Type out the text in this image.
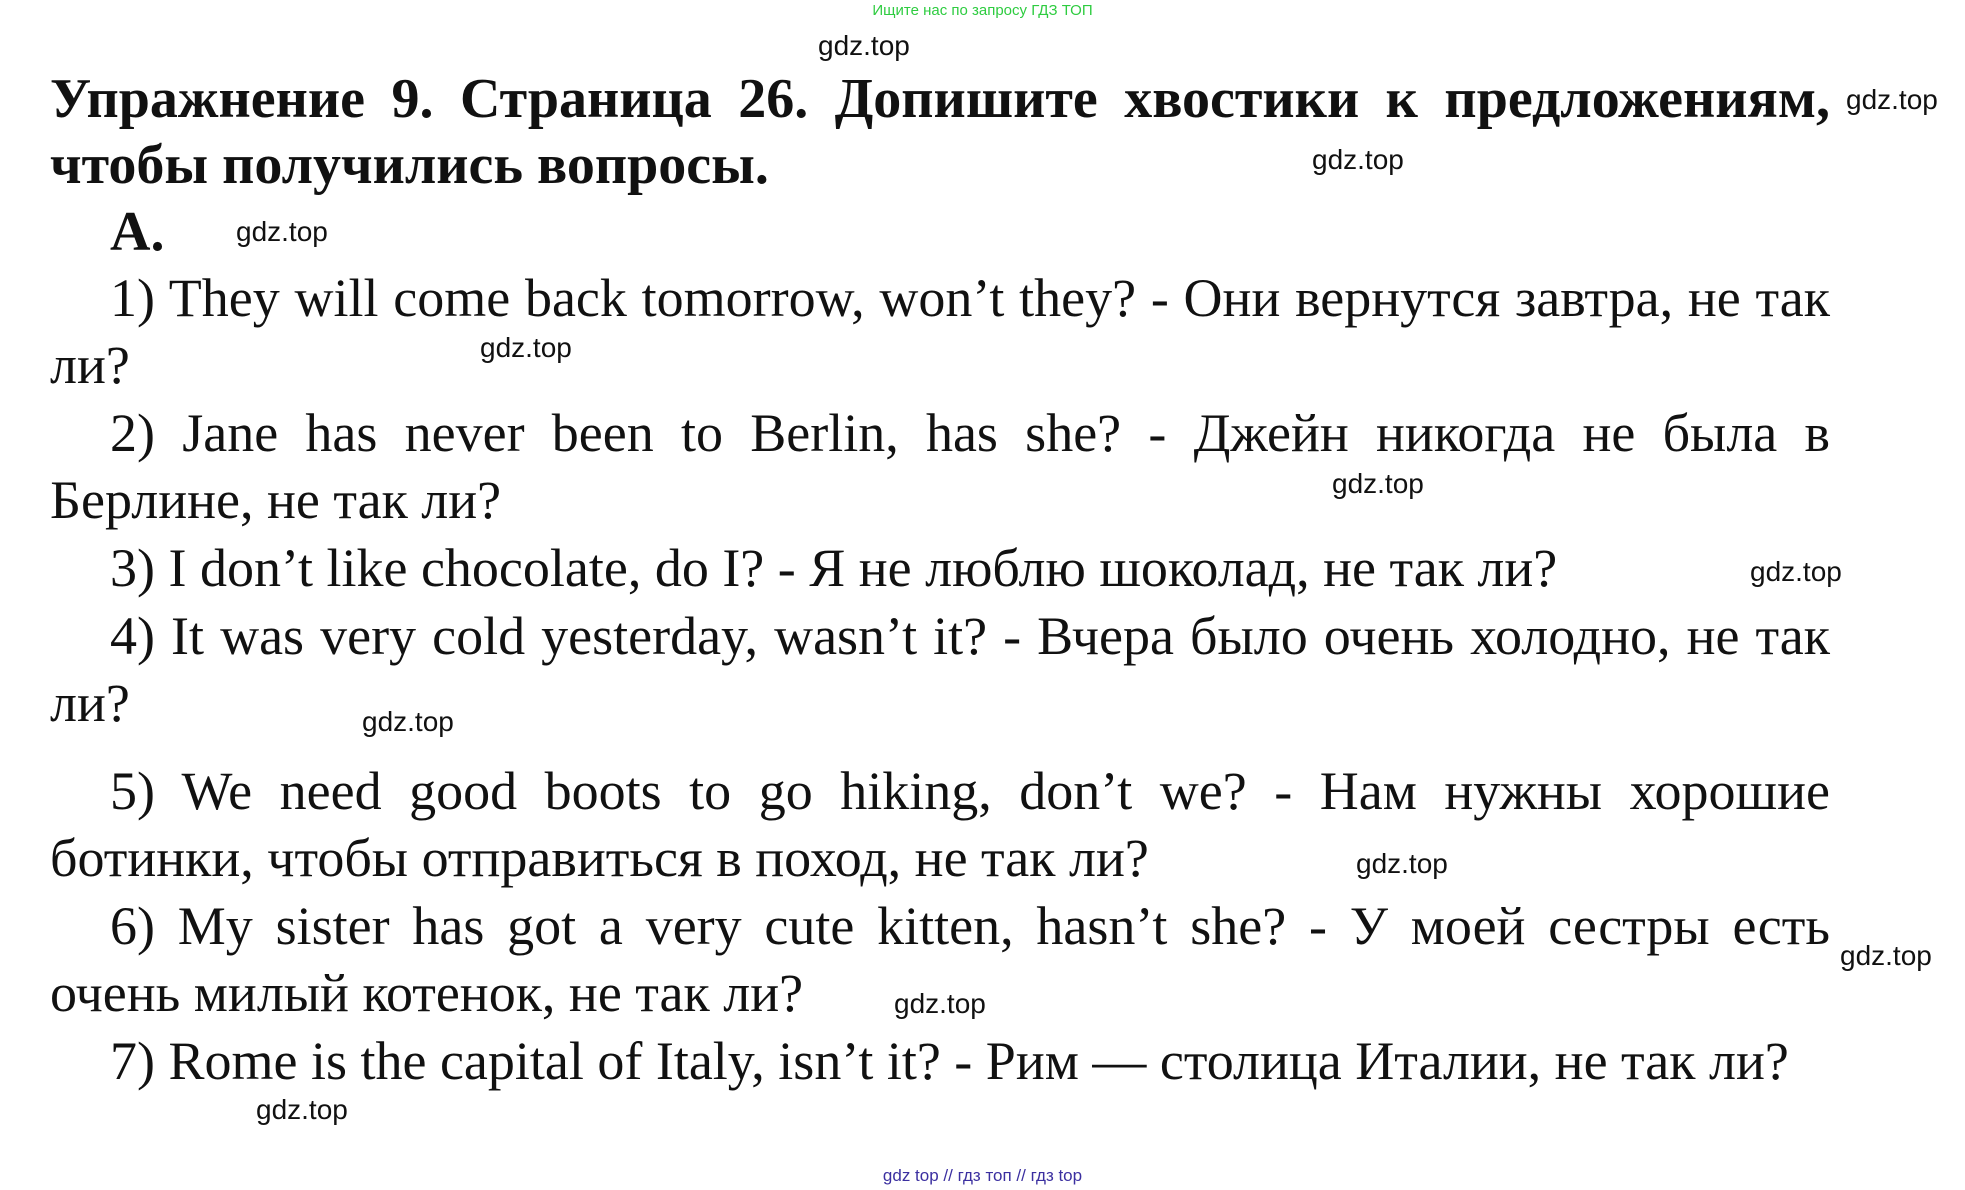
Ищите нас по запросу ГДЗ ТОП
Упражнение 9. Страница 26. Допишите хвостики к предложениям, чтобы получились вопросы.
A.
1) They will come back tomorrow, won’t they? - Они вернутся завтра, не так ли?
2) Jane has never been to Berlin, has she? - Джейн никогда не была в Берлине, не так ли?
3) I don’t like chocolate, do I? - Я не люблю шоколад, не так ли?
4) It was very cold yesterday, wasn’t it? - Вчера было очень холодно, не так ли?
5) We need good boots to go hiking, don’t we? - Нам нужны хорошие ботинки, чтобы отправиться в поход, не так ли?
6) My sister has got a very cute kitten, hasn’t she? - У моей сестры есть очень милый котенок, не так ли?
7) Rome is the capital of Italy, isn’t it? - Рим — столица Италии, не так ли?
gdz.top
gdz.top
gdz.top
gdz.top
gdz.top
gdz.top
gdz.top
gdz.top
gdz.top
gdz.top
gdz.top
gdz.top
gdz top // гдз топ // гдз top
